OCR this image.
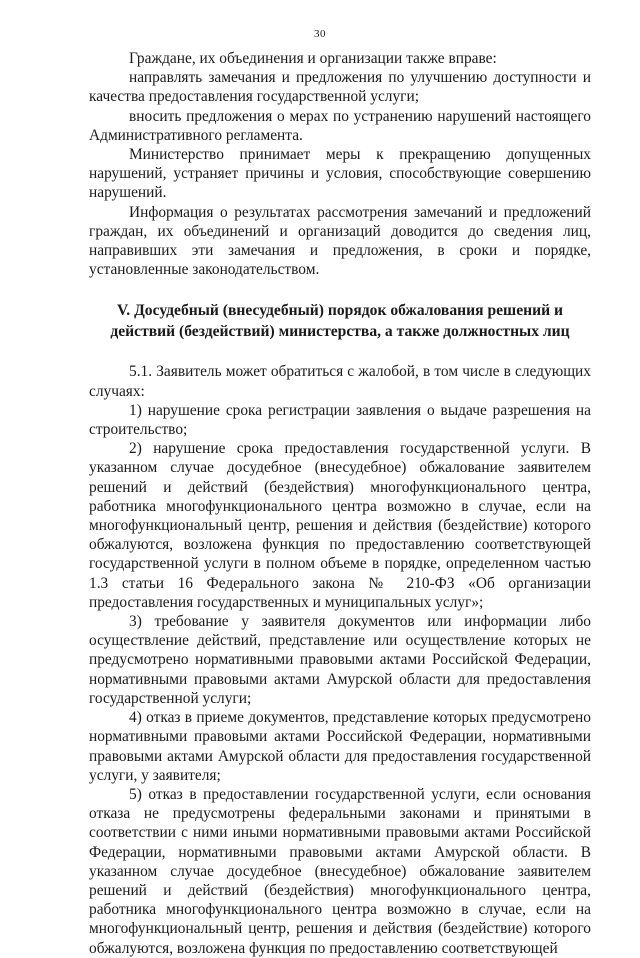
30

Граждане, их объединения и организации также вправе:

направлять замечания и предложения по улучшению доступности и качества предоставления государственной услуги;

вносить предложения о мерах по устранению нарушений настоящего Административного регламента.

Министерство принимает меры к прекращению допущенных нарушений, устраняет причины и условия, способствующие совершению нарушений.

Информация о результатах рассмотрения замечаний и предложений граждан, их объединений и организаций доводится до сведения лиц, направивших эти замечания и предложения, в сроки и порядке, установленные законодательством.

V. Досудебный (внесудебный) порядок обжалования решений и
действий (бездействий) министерства, а также должностных лиц

5.1. Заявитель может обратиться с жалобой, в том числе в следующих случаях:

1) нарушение срока регистрации заявления о выдаче разрешения на строительство;

2) нарушение срока предоставления государственной услуги. В указанном случае досудебное (внесудебное) обжалование заявителем решений и действий (бездействия) многофункционального центра, работника многофункционального центра возможно в случае, если на многофункциональный центр, решения и действия (бездействие) которого обжалуются, возложена функция по предоставлению соответствующей государственной услуги в полном объеме в порядке, определенном частью 1.3 статьи 16 Федерального закона № 210-ФЗ «Об организации предоставления государственных и муниципальных услуг»;

3) требование у заявителя документов или информации либо осуществление действий, представление или осуществление которых не предусмотрено нормативными правовыми актами Российской Федерации, нормативными правовыми актами Амурской области для предоставления государственной услуги;

4) отказ в приеме документов, представление которых предусмотрено нормативными правовыми актами Российской Федерации, нормативными правовыми актами Амурской области для предоставления государственной услуги, у заявителя;

5) отказ в предоставлении государственной услуги, если основания отказа не предусмотрены федеральными законами и принятыми в соответствии с ними иными нормативными правовыми актами Российской Федерации, нормативными правовыми актами Амурской области. В указанном случае досудебное (внесудебное) обжалование заявителем решений и действий (бездействия) многофункционального центра, работника многофункционального центра возможно в случае, если на многофункциональный центр, решения и действия (бездействие) которого обжалуются, возложена функция по предоставлению соответствующей
